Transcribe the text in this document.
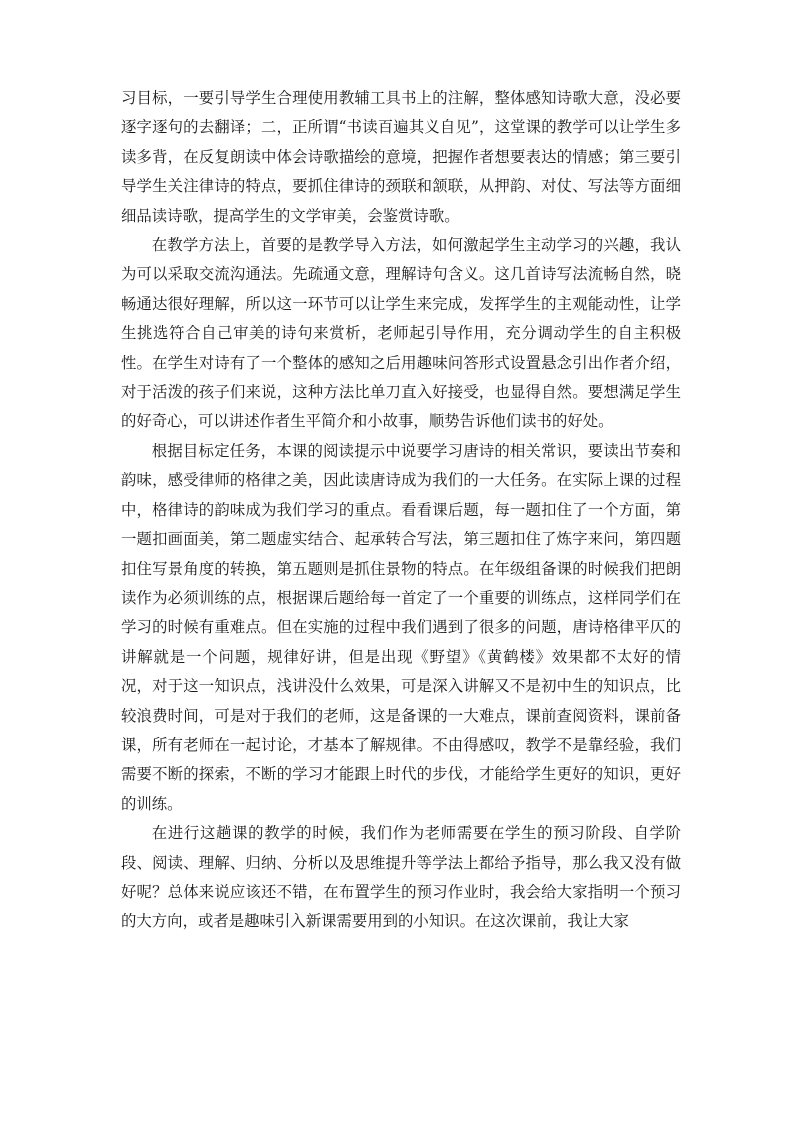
习目标，一要引导学生合理使用教辅工具书上的注解，整体感知诗歌大意，没必要逐字逐句的去翻译；二，正所谓“书读百遍其义自见”，这堂课的教学可以让学生多读多背，在反复朗读中体会诗歌描绘的意境，把握作者想要表达的情感；第三要引导学生关注律诗的特点，要抓住律诗的颈联和颔联，从押韵、对仗、写法等方面细细品读诗歌，提高学生的文学审美，会鉴赏诗歌。

在教学方法上，首要的是教学导入方法，如何激起学生主动学习的兴趣，我认为可以采取交流沟通法。先疏通文意，理解诗句含义。这几首诗写法流畅自然，晓畅通达很好理解，所以这一环节可以让学生来完成，发挥学生的主观能动性，让学生挑选符合自己审美的诗句来赏析，老师起引导作用，充分调动学生的自主积极性。在学生对诗有了一个整体的感知之后用趣味问答形式设置悬念引出作者介绍，对于活泼的孩子们来说，这种方法比单刀直入好接受，也显得自然。要想满足学生的好奇心，可以讲述作者生平简介和小故事，顺势告诉他们读书的好处。

根据目标定任务，本课的阅读提示中说要学习唐诗的相关常识，要读出节奏和韵味，感受律师的格律之美，因此读唐诗成为我们的一大任务。在实际上课的过程中，格律诗的韵味成为我们学习的重点。看看课后题，每一题扣住了一个方面，第一题扣画面美，第二题虚实结合、起承转合写法，第三题扣住了炼字来问，第四题扣住写景角度的转换，第五题则是抓住景物的特点。在年级组备课的时候我们把朗读作为必须训练的点，根据课后题给每一首定了一个重要的训练点，这样同学们在学习的时候有重难点。但在实施的过程中我们遇到了很多的问题，唐诗格律平仄的讲解就是一个问题，规律好讲，但是出现《野望》《黄鹤楼》效果都不太好的情况，对于这一知识点，浅讲没什么效果，可是深入讲解又不是初中生的知识点，比较浪费时间，可是对于我们的老师，这是备课的一大难点，课前查阅资料，课前备课，所有老师在一起讨论，才基本了解规律。不由得感叹，教学不是靠经验，我们需要不断的探索，不断的学习才能跟上时代的步伐，才能给学生更好的知识，更好的训练。

在进行这趟课的教学的时候，我们作为老师需要在学生的预习阶段、自学阶段、阅读、理解、归纳、分析以及思维提升等学法上都给予指导，那么我又没有做好呢？总体来说应该还不错，在布置学生的预习作业时，我会给大家指明一个预习的大方向，或者是趣味引入新课需要用到的小知识。在这次课前，我让大家
